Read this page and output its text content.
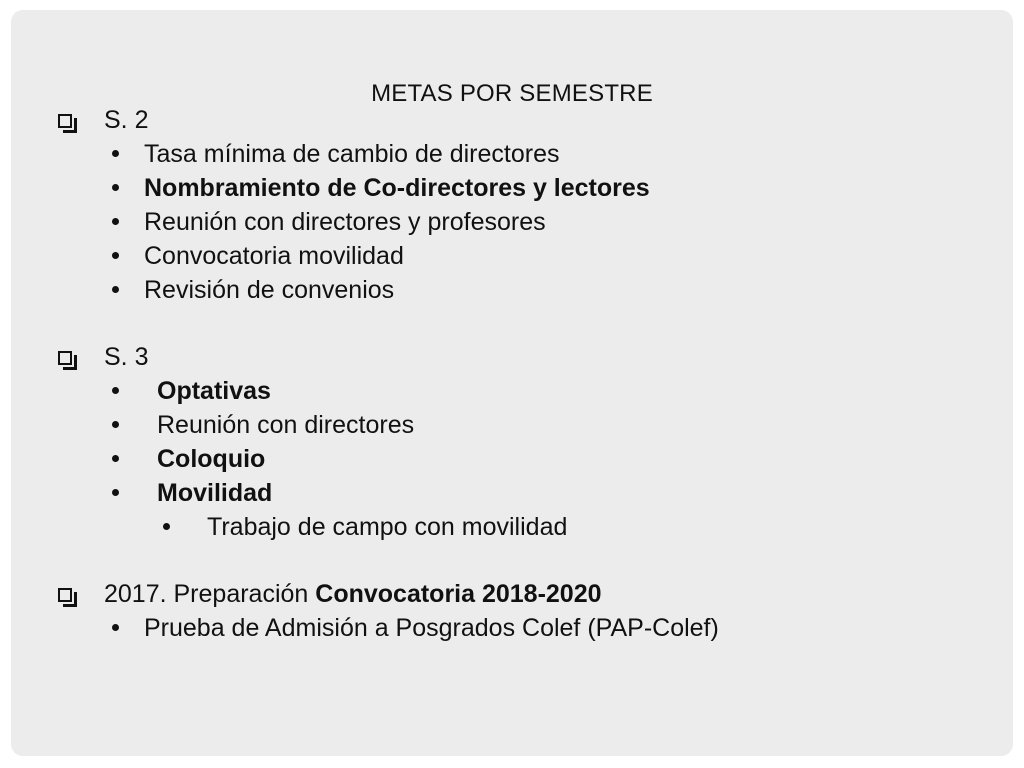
METAS POR SEMESTRE
S. 2
Tasa mínima de cambio de directores
Nombramiento de Co-directores y lectores
Reunión con directores y profesores
Convocatoria movilidad
Revisión de convenios
S. 3
Optativas
Reunión con directores
Coloquio
Movilidad
Trabajo de campo con movilidad
2017. Preparación Convocatoria 2018-2020
Prueba de Admisión a Posgrados Colef (PAP-Colef)
